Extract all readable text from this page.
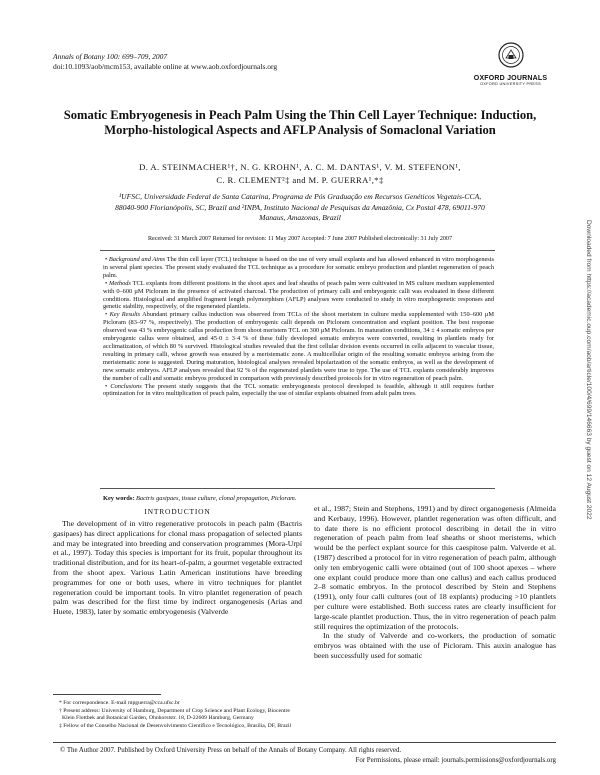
Annals of Botany 100: 699–709, 2007
doi:10.1093/aob/mcm153, available online at www.aob.oxfordjournals.org
OXFORD JOURNALS
OXFORD UNIVERSITY PRESS
Somatic Embryogenesis in Peach Palm Using the Thin Cell Layer Technique: Induction, Morpho-histological Aspects and AFLP Analysis of Somaclonal Variation
D. A. STEINMACHER¹†, N. G. KROHN¹, A. C. M. DANTAS¹, V. M. STEFENON¹,
C. R. CLEMENT²‡ and M. P. GUERRA¹,*‡
¹UFSC, Universidade Federal de Santa Catarina, Programa de Pós Graduação em Recursos Genéticos Vegetais-CCA,
88040-900 Florianópolis, SC, Brazil and ²INPA, Instituto Nacional de Pesquisas da Amazônia, Cx Postal 478, 69011-970
Manaus, Amazonas, Brazil
Received: 31 March 2007 Returned for revision: 11 May 2007 Accepted: 7 June 2007 Published electronically: 31 July 2007

• Background and Aims The thin cell layer (TCL) technique is based on the use of very small explants and has allowed enhanced in vitro morphogenesis in several plant species. The present study evaluated the TCL technique as a procedure for somatic embryo production and plantlet regeneration of peach palm.

• Methods TCL explants from different positions in the shoot apex and leaf sheaths of peach palm were cultivated in MS culture medium supplemented with 0–600 µM Picloram in the presence of activated charcoal. The production of primary calli and embryogenic calli was evaluated in these different conditions. Histological and amplified fragment length polymorphism (AFLP) analyses were conducted to study in vitro morphogenetic responses and genetic stability, respectively, of the regenerated plantlets.

• Key Results Abundant primary callus induction was observed from TCLs of the shoot meristem in culture media supplemented with 150–600 µM Picloram (83–97 %, respectively). The production of embryogenic calli depends on Picloram concentration and explant position. The best response observed was 43 % embryogenic callus production from shoot meristem TCL on 300 µM Picloram. In maturation conditions, 34 ± 4 somatic embryos per embryogenic callus were obtained, and 45·0 ± 3·4 % of these fully developed somatic embryos were converted, resulting in plantlets ready for acclimatization, of which 80 % survived. Histological studies revealed that the first cellular division events occurred in cells adjacent to vascular tissue, resulting in primary calli, whose growth was ensured by a meristematic zone. A multicellular origin of the resulting somatic embryos arising from the meristematic zone is suggested. During maturation, histological analyses revealed bipolarization of the somatic embryos, as well as the development of new somatic embryos. AFLP analyses revealed that 92 % of the regenerated plantlets were true to type. The use of TCL explants considerably improves the number of calli and somatic embryos produced in comparison with previously described protocols for in vitro regeneration of peach palm.

• Conclusions The present study suggests that the TCL somatic embryogenesis protocol developed is feasible, although it still requires further optimization for in vitro multiplication of peach palm, especially the use of similar explants obtained from adult palm trees.

Key words: Bactris gasipaes, tissue culture, clonal propagation, Picloram.
INTRODUCTION

The development of in vitro regenerative protocols in peach palm (Bactris gasipaes) has direct applications for clonal mass propagation of selected plants and may be integrated into breeding and conservation programmes (Mora-Urpí et al., 1997). Today this species is important for its fruit, popular throughout its traditional distribution, and for its heart-of-palm, a gourmet vegetable extracted from the shoot apex. Various Latin American institutions have breeding programmes for one or both uses, where in vitro techniques for plantlet regeneration could be important tools. In vitro plantlet regeneration of peach palm was described for the first time by indirect organogenesis (Arias and Huete, 1983), later by somatic embryogenesis (Valverde

* For correspondence. E-mail mpguerra@cca.ufsc.br

† Present address: University of Hamburg, Department of Crop Science and Plant Ecology, Biocentre Klein Flottbek and Botanical Garden, Ohnhorststr. 18, D-22609 Hamburg, Germany

‡ Fellow of the Conselho Nacional de Desenvolvimento Científico e Tecnológico, Brasília, DF, Brazil

et al., 1987; Stein and Stephens, 1991) and by direct organogenesis (Almeida and Kerbauy, 1996). However, plantlet regeneration was often difficult, and to date there is no efficient protocol describing in detail the in vitro regeneration of peach palm from leaf sheaths or shoot meristems, which would be the perfect explant source for this caespitose palm. Valverde et al. (1987) described a protocol for in vitro regeneration of peach palm, although only ten embryogenic calli were obtained (out of 100 shoot apexes – where one explant could produce more than one callus) and each callus produced 2–8 somatic embryos. In the protocol described by Stein and Stephens (1991), only four calli cultures (out of 18 explants) producing >10 plantlets per culture were established. Both success rates are clearly insufficient for large-scale plantlet production. Thus, the in vitro regeneration of peach palm still requires the optimization of the protocols.

In the study of Valverde and co-workers, the production of somatic embryos was obtained with the use of Picloram. This auxin analogue has been successfully used for somatic

© The Author 2007. Published by Oxford University Press on behalf of the Annals of Botany Company. All rights reserved.
For Permissions, please email: journals.permissions@oxfordjournals.org
Downloaded from https://academic.oup.com/aob/article/100/4/699/146663 by guest on 12 August 2022
